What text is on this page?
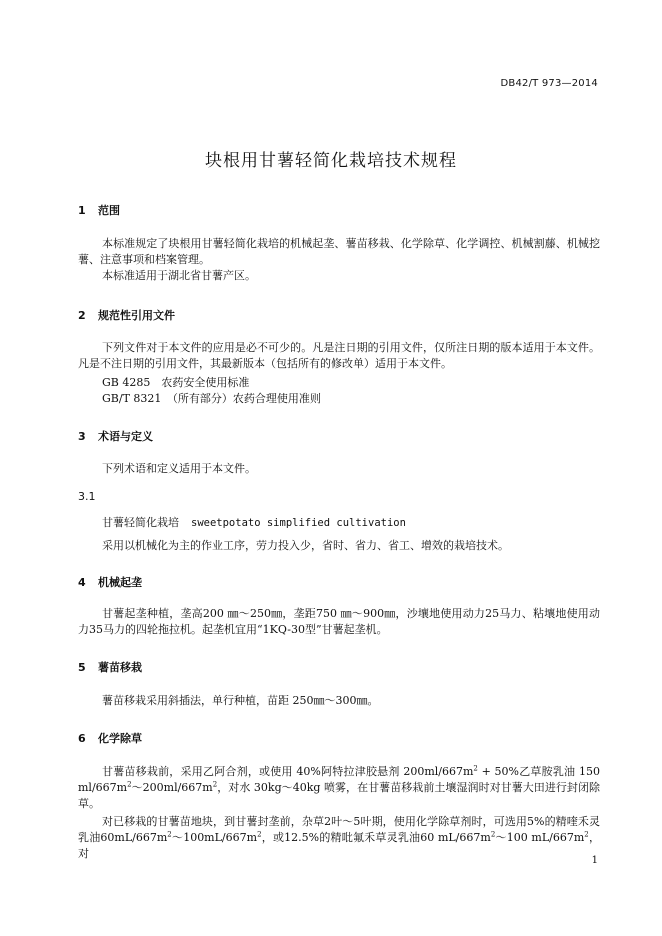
DB42/T 973—2014
块根用甘薯轻简化栽培技术规程
1 范围
本标准规定了块根用甘薯轻简化栽培的机械起垄、薯苗移栽、化学除草、化学调控、机械割藤、机械挖薯、注意事项和档案管理。
本标准适用于湖北省甘薯产区。
2 规范性引用文件
下列文件对于本文件的应用是必不可少的。凡是注日期的引用文件，仅所注日期的版本适用于本文件。凡是不注日期的引用文件，其最新版本（包括所有的修改单）适用于本文件。
GB 4285　农药安全使用标准
GB/T 8321　（所有部分）农药合理使用准则
3 术语与定义
下列术语和定义适用于本文件。
3.1
甘薯轻简化栽培 sweetpotato simplified cultivation
采用以机械化为主的作业工序，劳力投入少，省时、省力、省工、增效的栽培技术。
4 机械起垄
甘薯起垄种植，垄高200 ㎜～250㎜，垄距750 ㎜～900㎜，沙壤地使用动力25马力、粘壤地使用动力35马力的四轮拖拉机。起垄机宜用“1KQ-30型”甘薯起垄机。
5 薯苗移栽
薯苗移栽采用斜插法，单行种植，苗距 250㎜～300㎜。
6 化学除草
甘薯苗移栽前，采用乙阿合剂，或使用 40%阿特拉津胶悬剂 $200ml/667m^2 + 50\%$乙草胺乳油 150 $ml/667m^2\sim 200ml/667m^2$，对水 30kg～40kg 喷雾，在甘薯苗移栽前土壤湿润时对甘薯大田进行封闭除草。
对已移栽的甘薯苗地块，到甘薯封垄前，杂草2叶～5叶期，使用化学除草剂时，可选用5%的精喹禾灵乳油$60mL/667m^2\sim 100mL/667m^2$，或12.5%的精吡氟禾草灵乳油60 $mL/667m^2\sim 100$ $mL/667m^2$，对
1
